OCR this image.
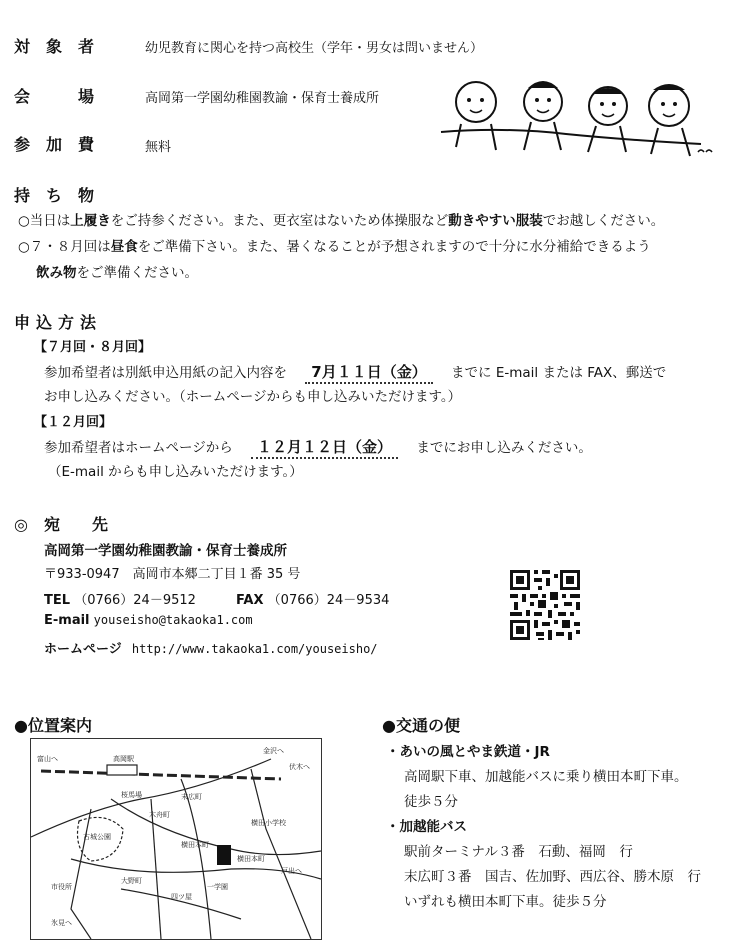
対　象　者	幼児教育に関心を持つ高校生（学年・男女は問いません）
会　　　場	高岡第一学園幼稚園教諭・保育士養成所
参　加　費	無料
持　ち　物
○当日は上履きをご持参ください。また、更衣室はないため体操服など動きやすい服装でお越しください。
○７・８月回は昼食をご準備下さい。また、暑くなることが予想されますので十分に水分補給できるよう
飲み物をご準備ください。
申込方法
【７月回・８月回】
参加希望者は別紙申込用紙の記入内容を 7月１１日（金） までに E-mail または FAX、郵送で
お申し込みください。（ホームページからも申し込みいただけます。）
【１２月回】
参加希望者はホームページから １２月１２日（金） までにお申し込みください。
（E-mail からも申し込みいただけます。）
◎　宛　　先
高岡第一学園幼稚園教諭・保育士養成所
〒933-0947　高岡市本郷二丁目１番 35 号
TEL （0766）24－9512	FAX （0766）24－9534
E-mail youseisho@takaoka1.com
ホームページ http://www.takaoka1.com/youseisho/
●位置案内
高岡駅
富山へ
金沢へ
伏木へ
桜馬場	末広町
木舟町
横田小学校
横田本町
古城公園
戸出へ
一学園
四ツ屋
大野町
市役所
氷見へ
横田本町
●交通の便
・あいの風とやま鉄道・JR
高岡駅下車、加越能バスに乗り横田本町下車。
徒歩５分
・加越能バス
駅前ターミナル３番　石動、福岡　行
末広町３番　国吉、佐加野、西広谷、勝木原　行
いずれも横田本町下車。徒歩５分
